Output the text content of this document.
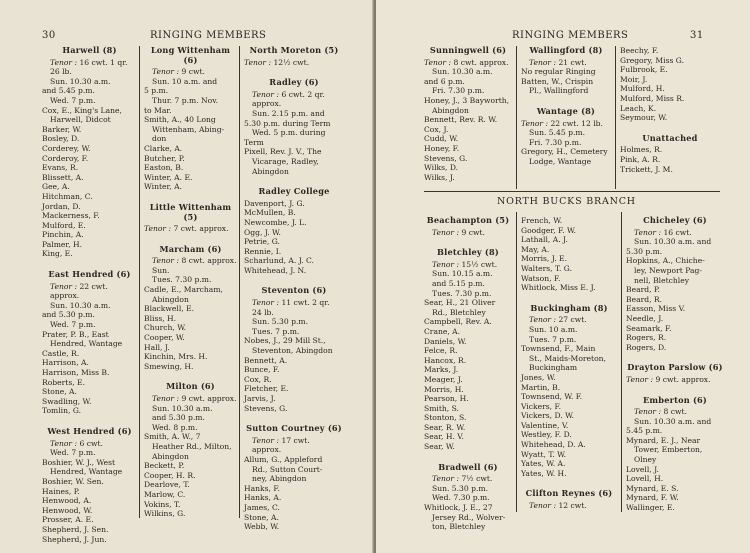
30	RINGING MEMBERS
Harwell (8)
Tenor : 16 cwt. 1 qr.
26 lb.
Sun. 10.30 a.m.
and 5.45 p.m.
Wed. 7 p.m.
Cox, E., King's Lane,
Harwell, Didcot
Barker, W.
Bosley, D.
Corderey, W.
Corderoy, F.
Evans, R.
Blissett, A.
Gee, A.
Hitchman, C.
Jordan, D.
Mackerness, F.
Mulford, E.
Pinchin, A.
Palmer, H.
King, E.
East Hendred (6)
Tenor : 22 cwt.
approx.
Sun. 10.30 a.m.
and 5.30 p.m.
Wed. 7 p.m.
Prater, P. B., East
Hendred, Wantage
Castle, R.
Harrison, A.
Harrison, Miss B.
Roberts, E.
Stone, A.
Swadling, W.
Tomlin, G.
West Hendred (6)
Tenor : 6 cwt.
Wed. 7 p.m.
Boshier, W. J., West
Hendred, Wantage
Boshier, W. Sen.
Haines, P.
Henwood, A.
Henwood, W.
Prosser, A. E.
Shepherd, J. Sen.
Shepherd, J. Jun.
Long Wittenham (6)
Tenor : 9 cwt.
Sun. 10 a.m. and
5 p.m.
Thur. 7 p.m. Nov.
to Mar.
Smith, A., 40 Long
Wittenham, Abing-
don
Clarke, A.
Butcher, P.
Easton, B.
Winter, A. E.
Winter, A.
Little Wittenham (5)
Tenor : 7 cwt. approx.
Marcham (6)
Tenor : 8 cwt. approx.
Sun.
Tues. 7.30 p.m.
Cadle, E., Marcham,
Abingdon
Blackwell, E.
Bliss, H.
Church, W.
Cooper, W.
Hall, J.
Kinchin, Mrs. H.
Smewing, H.
Milton (6)
Tenor : 9 cwt. approx.
Sun. 10.30 a.m.
and 5.30 p.m.
Wed. 8 p.m.
Smith, A. W., 7
Heather Rd., Milton,
Abingdon
Beckett, P.
Cooper, H. R.
Dearlove, T.
Marlow, C.
Vokins, T.
Wilkins, G.
North Moreton (5)
Tenor : 12½ cwt.
Radley (6)
Tenor : 6 cwt. 2 qr.
approx.
Sun. 2.15 p.m. and
5.30 p.m. during Term
Wed. 5 p.m. during
Term
Pixell, Rev. J. V., The
Vicarage, Radley,
Abingdon
Radley College
Davenport, J. G.
McMullen, B.
Newcombe, J. L.
Ogg, J. W.
Petrie, G.
Rennie, I.
Scharlund, A. J. C.
Whitehead, J. N.
Steventon (6)
Tenor : 11 cwt. 2 qr.
24 lb.
Sun. 5.30 p.m.
Tues. 7 p.m.
Nobes, J., 29 Mill St.,
Steventon, Abingdon
Bennett, A.
Bunce, F.
Cox, R.
Fletcher, E.
Jarvis, J.
Stevens, G.
Sutton Courtney (6)
Tenor : 17 cwt.
approx.
Allum, G., Appleford
Rd., Sutton Court-
ney, Abingdon
Hanks, F.
Hanks, A.
James, C.
Stone, A.
Webb, W.
RINGING MEMBERS	31
Sunningwell (6)
Tenor : 8 cwt. approx.
Sun. 10.30 a.m.
and 6 p.m.
Fri. 7.30 p.m.
Honey, J., 3 Bayworth,
Abingdon
Bennett, Rev. R. W.
Cox, J.
Cudd, W.
Honey, F.
Stevens, G.
Wilks, D.
Wilks, J.
Wallingford (8)
Tenor : 21 cwt.
No regular Ringing
Batten, W., Crispin
Pl., Wallingford
Wantage (8)
Tenor : 22 cwt. 12 lb.
Sun. 5.45 p.m.
Fri. 7.30 p.m.
Gregory, H., Cemetery
Lodge, Wantage
Beechy, F.
Gregory, Miss G.
Fulbrook, E.
Moir, J.
Mulford, H.
Mulford, Miss R.
Leach, K.
Seymour, W.
Unattached
Holmes, R.
Pink, A. R.
Trickett, J. M.
NORTH BUCKS BRANCH
Beachampton (5)
Tenor : 9 cwt.
Bletchley (8)
Tenor : 15½ cwt.
Sun. 10.15 a.m.
and 5.15 p.m.
Tues. 7.30 p.m.
Sear, H., 21 Oliver
Rd., Bletchley
Campbell, Rev. A.
Crane, A.
Daniels, W.
Felce, R.
Hancox, R.
Marks, J.
Meager, J.
Morris, H.
Pearson, H.
Smith, S.
Stonton, S.
Sear, R. W.
Sear, H. V.
Sear, W.
Bradwell (6)
Tenor : 7½ cwt.
Sun. 5.30 p.m.
Wed. 7.30 p.m.
Whitlock, J. E., 27
Jersey Rd., Wolver-
ton, Bletchley
French, W.
Goodger, F. W.
Lathall, A. J.
May, A.
Morris, J. E.
Walters, T. G.
Watson, F.
Whitlock, Miss E. J.
Buckingham (8)
Tenor : 27 cwt.
Sun. 10 a.m.
Tues. 7 p.m.
Townsend, F., Main
St., Maids-Moreton,
Buckingham
Jones, W.
Martin, B.
Townsend, W. F.
Vickers, F.
Vickers, D. W.
Valentine, V.
Westley, F. D.
Whitehead, D. A.
Wyatt, T. W.
Yates, W. A.
Yates, W. H.
Clifton Reynes (6)
Tenor : 12 cwt.
Chicheley (6)
Tenor : 16 cwt.
Sun. 10.30 a.m. and
5.30 p.m.
Hopkins, A., Chiche-
ley, Newport Pag-
nell, Bletchley
Beard, P.
Beard, R.
Easson, Miss V.
Needle, J.
Seamark, F.
Rogers, R.
Rogers, D.
Drayton Parslow (6)
Tenor : 9 cwt. approx.
Emberton (6)
Tenor : 8 cwt.
Sun. 10.30 a.m. and
5.45 p.m.
Mynard, E. J., Near
Tower, Emberton,
Olney
Lovell, J.
Lovell, H.
Mynard, E. S.
Mynard, F. W.
Wallinger, E.
